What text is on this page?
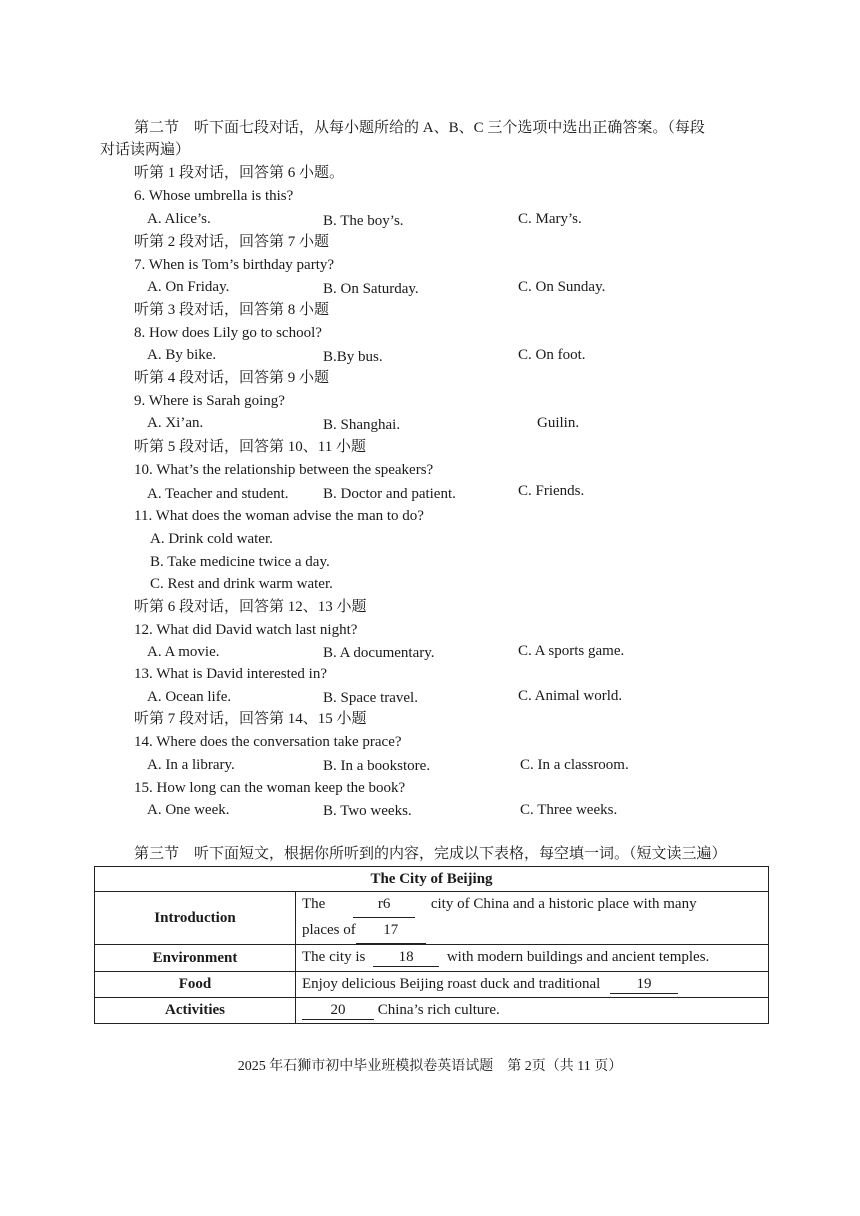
第二节　听下面七段对话，从每小题所给的 A、B、C 三个选项中选出正确答案。（每段
对话读两遍）
听第 1 段对话，回答第 6 小题。
6. Whose umbrella is this?
A. Alice’s.	B. The boy’s.	C. Mary’s.
听第 2 段对话，回答第 7 小题
7. When is Tom’s birthday party?
A. On Friday.	B. On Saturday.	C. On Sunday.
听第 3 段对话，回答第 8 小题
8. How does Lily go to school?
A. By bike.	B.By bus.	C. On foot.
听第 4 段对话，回答第 9 小题
9. Where is Sarah going?
A. Xi’an.	B. Shanghai.	Guilin.
听第 5 段对话，回答第 10、11 小题
10. What’s the relationship between the speakers?
A. Teacher and student. B. Doctor and patient.	C. Friends.
11. What does the woman advise the man to do?
A. Drink cold water.
B. Take medicine twice a day.
C. Rest and drink warm water.
听第 6 段对话，回答第 12、13 小题
12. What did David watch last night?
A. A movie.	B. A documentary.	C. A sports game.
13. What is David interested in?
A. Ocean life.	B. Space travel.	C. Animal world.
听第 7 段对话，回答第 14、15 小题
14. Where does the conversation take prace?
A. In a library.	B. In a bookstore.	C. In a classroom.
15. How long can the woman keep the book?
A. One week.	B. Two weeks.	C. Three weeks.
第三节　听下面短文，根据你所听到的内容，完成以下表格，每空填一词。（短文读三遍）
The City of Beijing	
Introduction	The r6 city of China and a historic place with many
places of 17

Environment	The city is 18 with modern buildings and ancient temples.
Food	Enjoy delicious Beijing roast duck and traditional 19
Activities	20 China’s rich culture.
2025 年石狮市初中毕业班模拟卷英语试题　第 2页（共 11 页）
